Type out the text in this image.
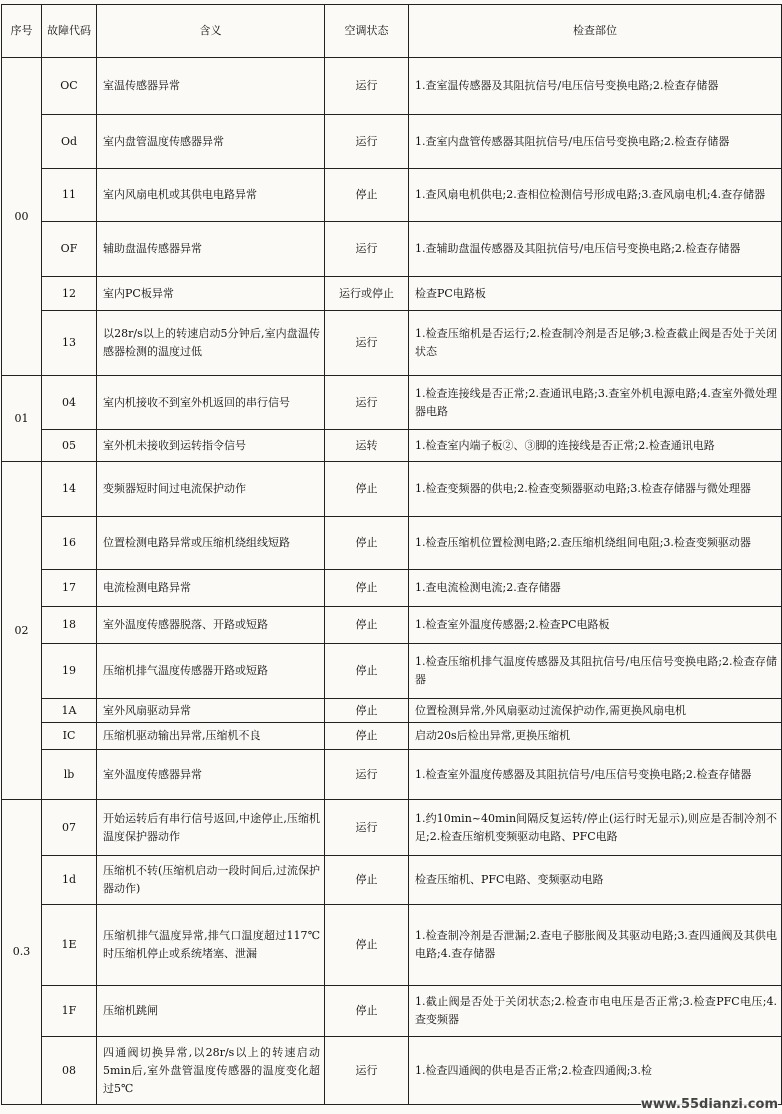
序号	故障代码	含义	空调状态	检查部位
00	OC	室温传感器异常	运行	1.查室温传感器及其阻抗信号/电压信号变换电路;2.检查存储器
	Od	室内盘管温度传感器异常	运行	1.查室内盘管传感器其阻抗信号/电压信号变换电路;2.检查存储器
	11	室内风扇电机或其供电电路异常	停止	1.查风扇电机供电;2.查相位检测信号形成电路;3.查风扇电机;4.查存储器
	OF	辅助盘温传感器异常	运行	1.查辅助盘温传感器及其阻抗信号/电压信号变换电路;2.检查存储器
	12	室内PC板异常	运行或停止	检查PC电路板
	13	以28r/s以上的转速启动5分钟后,室内盘温传感器检测的温度过低	运行	1.检查压缩机是否运行;2.检查制冷剂是否足够;3.检查截止阀是否处于关闭状态
01	04	室内机接收不到室外机返回的串行信号	运行	1.检查连接线是否正常;2.查通讯电路;3.查室外机电源电路;4.查室外微处理器电路
	05	室外机未接收到运转指令信号	运转	1.检查室内端子板②、③脚的连接线是否正常;2.检查通讯电路
02	14	变频器短时间过电流保护动作	停止	1.检查变频器的供电;2.检查变频器驱动电路;3.检查存储器与微处理器
	16	位置检测电路异常或压缩机绕组线短路	停止	1.检查压缩机位置检测电路;2.查压缩机绕组间电阻;3.检查变频驱动器
	17	电流检测电路异常	停止	1.查电流检测电流;2.查存储器
	18	室外温度传感器脱落、开路或短路	停止	1.检查室外温度传感器;2.检查PC电路板
	19	压缩机排气温度传感器开路或短路	停止	1.检查压缩机排气温度传感器及其阻抗信号/电压信号变换电路;2.检查存储器
	1A	室外风扇驱动异常	停止	位置检测异常,外风扇驱动过流保护动作,需更换风扇电机
	IC	压缩机驱动输出异常,压缩机不良	停止	启动20s后检出异常,更换压缩机
	lb	室外温度传感器异常	运行	1.检查室外温度传感器及其阻抗信号/电压信号变换电路;2.检查存储器
0.3	07	开始运转后有串行信号返回,中途停止,压缩机温度保护器动作	运行	1.约10min~40min间隔反复运转/停止(运行时无显示),则应是否制冷剂不足;2.检查压缩机变频驱动电路、PFC电路
	1d	压缩机不转(压缩机启动一段时间后,过流保护器动作)	停止	检查压缩机、PFC电路、变频驱动电路
	1E	压缩机排气温度异常,排气口温度超过117℃时压缩机停止或系统堵塞、泄漏	停止	1.检查制冷剂是否泄漏;2.查电子膨胀阀及其驱动电路;3.查四通阀及其供电电路;4.查存储器
	1F	压缩机跳闸	停止	1.截止阀是否处于关闭状态;2.检查市电电压是否正常;3.检查PFC电压;4.查变频器
	08	四通阀切换异常,以28r/s以上的转速启动5min后,室外盘管温度传感器的温度变化超过5℃	运行	1.检查四通阀的供电是否正常;2.检查四通阀;3.检
www.55dianzi.com
